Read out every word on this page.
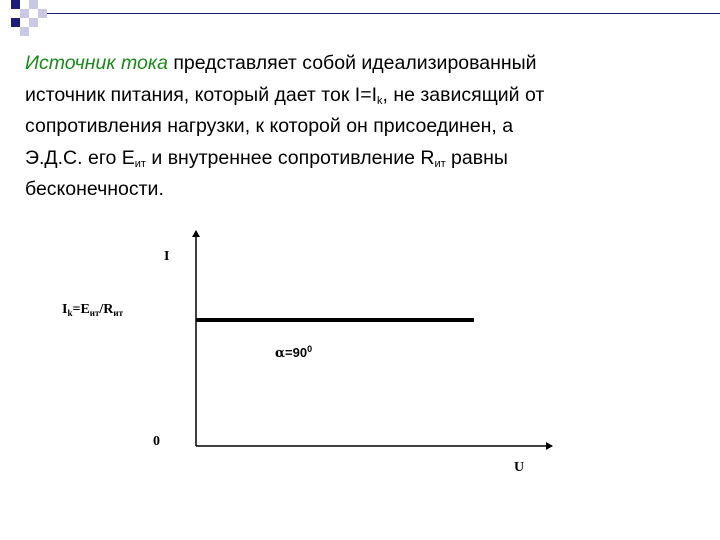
Источник тока представляет собой идеализированный
источник питания, который дает ток $I=I_k$, не зависящий от
сопротивления нагрузки, к которой он присоединен, а
Э.Д.С. его $E_{ит}$ и внутреннее сопротивление $R_{ит}$ равны
бесконечности.

I
U
0
$I_k=E_{ит}/R_{ит}$
$\alpha=90^0$
